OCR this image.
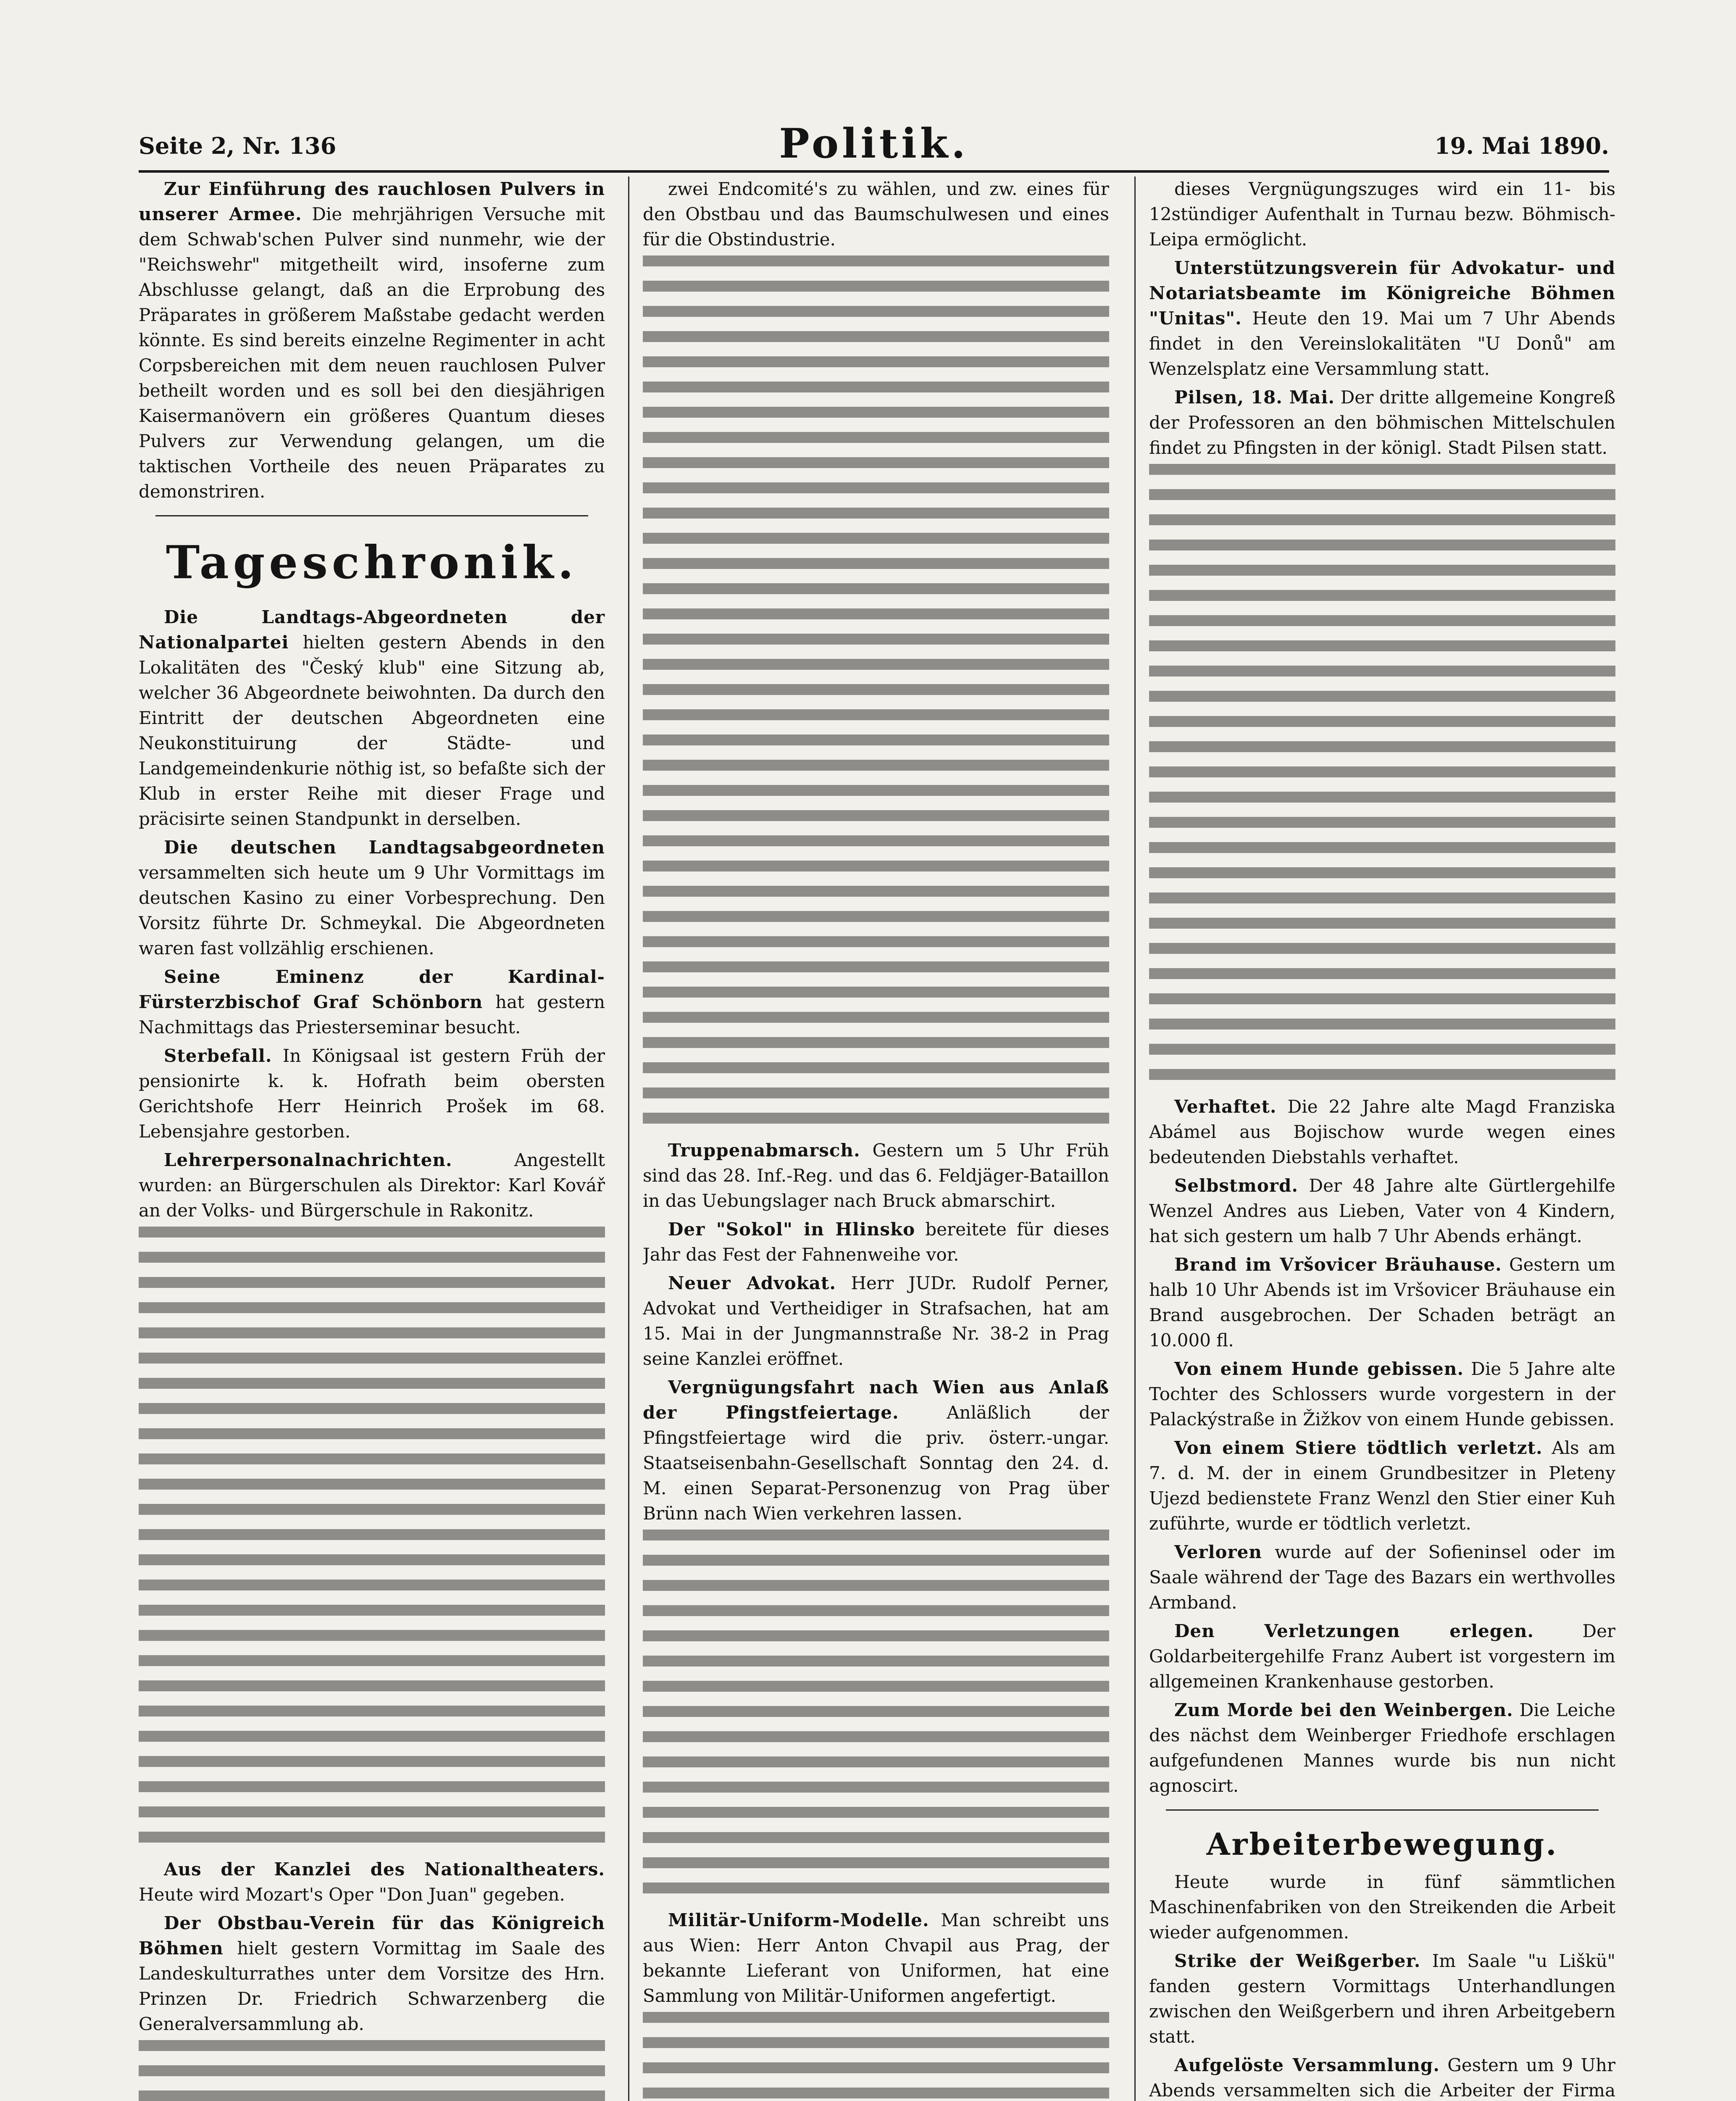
Seite 2, Nr. 136	Politik.	19. Mai 1890.

Zur Einführung des rauchlosen Pulvers in unserer Armee. Die mehrjährigen Versuche mit dem Schwab'schen Pulver sind nunmehr, wie der "Reichswehr" mitgetheilt wird, insoferne zum Abschlusse gelangt, daß an die Erprobung des Präparates in größerem Maßstabe gedacht werden könnte. Es sind bereits einzelne Regimenter in acht Corpsbereichen mit dem neuen rauchlosen Pulver betheilt worden und es soll bei den diesjährigen Kaisermanövern ein größeres Quantum dieses Pulvers zur Verwendung gelangen, um die taktischen Vortheile des neuen Präparates zu demonstriren.

Tageschronik.

Die Landtags-Abgeordneten der Nationalpartei hielten gestern Abends in den Lokalitäten des "Český klub" eine Sitzung ab, welcher 36 Abgeordnete beiwohnten. Da durch den Eintritt der deutschen Abgeordneten eine Neukonstituirung der Städte- und Landgemeindenkurie nöthig ist, so befaßte sich der Klub in erster Reihe mit dieser Frage und präcisirte seinen Standpunkt in derselben.

Die deutschen Landtagsabgeordneten versammelten sich heute um 9 Uhr Vormittags im deutschen Kasino zu einer Vorbesprechung. Den Vorsitz führte Dr. Schmeykal. Die Abgeordneten waren fast vollzählig erschienen.

Seine Eminenz der Kardinal-Fürsterzbischof Graf Schönborn hat gestern Nachmittags das Priesterseminar besucht.

Sterbefall. In Königsaal ist gestern Früh der pensionirte k. k. Hofrath beim obersten Gerichtshofe Herr Heinrich Prošek im 68. Lebensjahre gestorben.

Lehrerpersonalnachrichten.	Angestellt wurden: an Bürgerschulen als Direktor: Karl Kovář an der Volks- und Bürgerschule in Rakonitz.

Aus der Kanzlei des Nationaltheaters. Heute wird Mozart's Oper "Don Juan" gegeben.

Der Obstbau-Verein für das Königreich Böhmen hielt gestern Vormittag im Saale des Landeskulturrathes unter dem Vorsitze des Hrn. Prinzen Dr. Friedrich Schwarzenberg die Generalversammlung ab.

zwei Endcomité's zu wählen, und zw. eines für den Obstbau und das Baumschulwesen und eines für die Obstindustrie.

Truppenabmarsch. Gestern um 5 Uhr Früh sind das 28. Inf.-Reg. und das 6. Feldjäger-Bataillon in das Uebungslager nach Bruck abmarschirt.

Der "Sokol" in Hlinsko bereitete für dieses Jahr das Fest der Fahnenweihe vor.

Neuer Advokat. Herr JUDr. Rudolf Perner, Advokat und Vertheidiger in Strafsachen, hat am 15. Mai in der Jungmannstraße Nr. 38-2 in Prag seine Kanzlei eröffnet.

Vergnügungsfahrt nach Wien aus Anlaß der Pfingstfeiertage.	Anläßlich der Pfingstfeiertage wird die priv. österr.-ungar. Staatseisenbahn-Gesellschaft Sonntag den 24. d. M. einen Separat-Personenzug von Prag über Brünn nach Wien verkehren lassen.

Militär-Uniform-Modelle. Man schreibt uns aus Wien: Herr Anton Chvapil aus Prag, der bekannte Lieferant von Uniformen, hat eine Sammlung von Militär-Uniformen angefertigt.

dieses Vergnügungszuges wird ein 11- bis 12stündiger Aufenthalt in Turnau bezw. Böhmisch-Leipa ermöglicht.

Unterstützungsverein für Advokatur- und Notariatsbeamte im Königreiche Böhmen "Unitas". Heute den 19. Mai um 7 Uhr Abends findet in den Vereinslokalitäten "U Donů" am Wenzelsplatz eine Versammlung statt.

Pilsen, 18. Mai. Der dritte allgemeine Kongreß der Professoren an den böhmischen Mittelschulen findet zu Pfingsten in der königl. Stadt Pilsen statt.

Verhaftet. Die 22 Jahre alte Magd Franziska Abámel aus Bojischow wurde wegen eines bedeutenden Diebstahls verhaftet.

Selbstmord. Der 48 Jahre alte Gürtlergehilfe Wenzel Andres aus Lieben, Vater von 4 Kindern, hat sich gestern um halb 7 Uhr Abends erhängt.

Brand im Vršovicer Bräuhause. Gestern um halb 10 Uhr Abends ist im Vršovicer Bräuhause ein Brand ausgebrochen. Der Schaden beträgt an 10.000 fl.

Von einem Hunde gebissen. Die 5 Jahre alte Tochter des Schlossers wurde vorgestern in der Palackýstraße in Žižkov von einem Hunde gebissen.

Von einem Stiere tödtlich verletzt. Als am 7. d. M. der in einem Grundbesitzer in Pleteny Ujezd bedienstete Franz Wenzl den Stier einer Kuh zuführte, wurde er tödtlich verletzt.

Verloren wurde auf der Sofieninsel oder im Saale während der Tage des Bazars ein werthvolles Armband.

Den Verletzungen erlegen.	Der Goldarbeitergehilfe Franz Aubert ist vorgestern im allgemeinen Krankenhause gestorben.

Zum Morde bei den Weinbergen. Die Leiche des nächst dem Weinberger Friedhofe erschlagen aufgefundenen Mannes wurde bis nun nicht agnoscirt.

Arbeiterbewegung.

Heute wurde in fünf sämmtlichen Maschinenfabriken von den Streikenden die Arbeit wieder aufgenommen.

Strike der Weißgerber. Im Saale "u Liškü" fanden gestern Vormittags Unterhandlungen zwischen den Weißgerbern und ihren Arbeitgebern statt.

Aufgelöste Versammlung. Gestern um 9 Uhr Abends versammelten sich die Arbeiter der Firma
